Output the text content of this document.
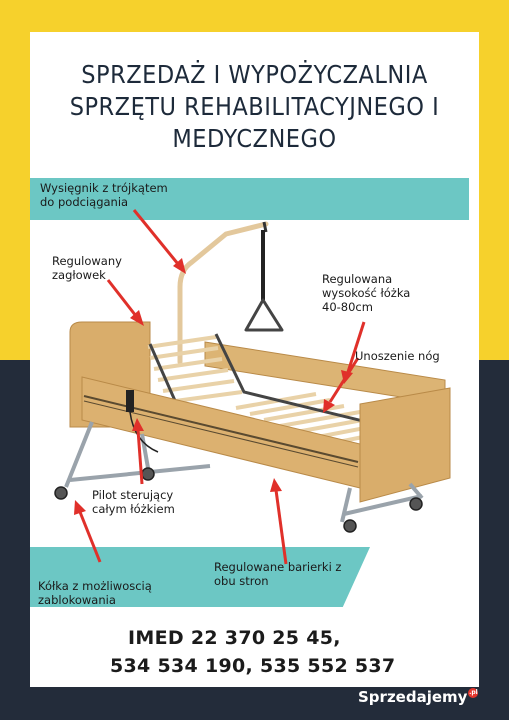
SPRZEDAŻ I WYPOŻYCZALNIA
SPRZĘTU REHABILITACYJNEGO I
MEDYCZNEGO
Wysięgnik z trójkątem
do podciągania
Regulowany
zagłowek	Regulowana
wysokość łóżka
40-80cm
Unoszenie nóg
Pilot sterujący
całym łóżkiem
Kółka z możliwoscią
zablokowania
Regulowane barierki z
obu stron
IMED 22 370 25 45,
534 534 190, 535 552 537
Sprzedajemy .pl
